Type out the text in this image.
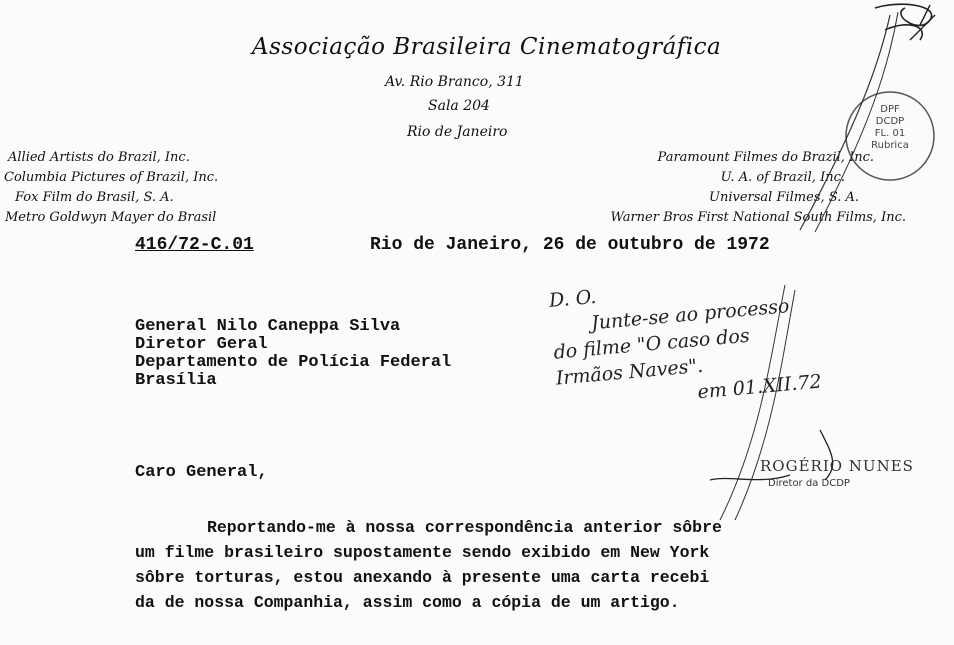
Associação Brasileira Cinematográfica
Av. Rio Branco, 311
Sala 204
Rio de Janeiro
Allied Artists do Brazil, Inc.
Columbia Pictures of Brazil, Inc.
Fox Film do Brasil, S. A.
Metro Goldwyn Mayer do Brasil
Paramount Filmes do Brazil, Inc.
U. A. of Brazil, Inc.
Universal Filmes, S. A.
Warner Bros First National South Films, Inc.
416/72-C.01	Rio de Janeiro, 26 de outubro de 1972
General Nilo Caneppa Silva
Diretor Geral
Departamento de Polícia Federal
Brasília
Caro General,
Reportando-me à nossa correspondência anterior sôbre
um filme brasileiro supostamente sendo exibido em New York
sôbre torturas, estou anexando à presente uma carta recebi
da de nossa Companhia, assim como a cópia de um artigo.
D. O.
Junte-se ao processo
do filme "O caso dos
Irmãos Naves".
em 01.XII.72
ROGÉRIO NUNES
Diretor da DCDP
DPF
DCDP
FL. 01
Rubrica
